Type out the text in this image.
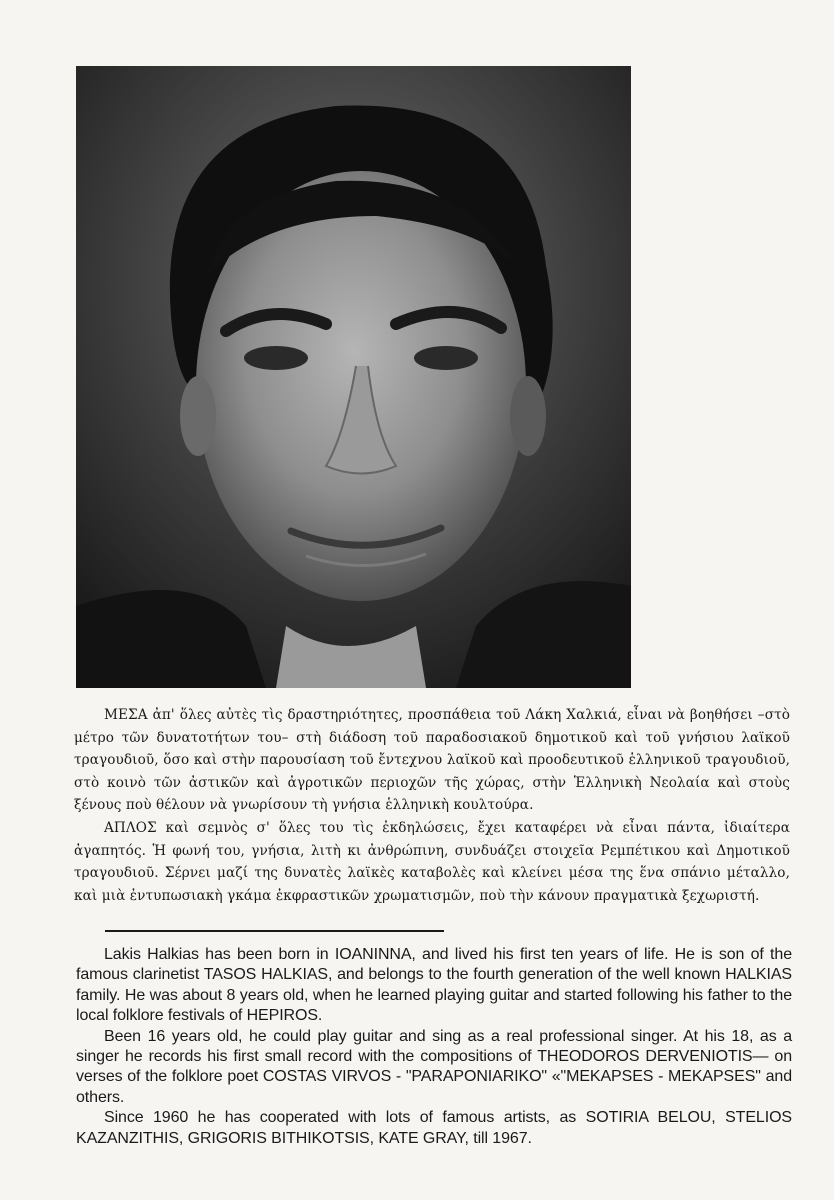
ΜΕΣΑ ἀπ' ὅλες αὐτὲς τὶς δραστηριότητες, προσπάθεια τοῦ Λάκη Χαλκιά, εἶναι νὰ βοηθήσει –στὸ μέτρο τῶν δυνατοτήτων του– στὴ διάδοση τοῦ παραδοσιακοῦ δημοτικοῦ καὶ τοῦ γνήσιου λαϊκοῦ τραγουδιοῦ, ὅσο καὶ στὴν παρουσίαση τοῦ ἔντεχνου λαϊκοῦ καὶ προοδευτικοῦ ἑλληνικοῦ τραγουδιοῦ, στὸ κοινὸ τῶν ἀστικῶν καὶ ἀγροτικῶν περιοχῶν τῆς χώρας, στὴν Ἑλληνικὴ Νεολαία καὶ στοὺς ξένους ποὺ θέλουν νὰ γνωρίσουν τὴ γνήσια ἑλληνικὴ κουλτούρα.

ΑΠΛΟΣ καὶ σεμνὸς σ' ὅλες του τὶς ἐκδηλώσεις, ἔχει καταφέρει νὰ εἶναι πάντα, ἰδιαίτερα ἀγαπητός. Ἡ φωνή του, γνήσια, λιτὴ κι ἀνθρώπινη, συνδυάζει στοιχεῖα Ρεμπέτικου καὶ Δημοτικοῦ τραγουδιοῦ. Σέρνει μαζί της δυνατὲς λαϊκὲς καταβολὲς καὶ κλείνει μέσα της ἕνα σπάνιο μέταλλο, καὶ μιὰ ἐντυπωσιακὴ γκάμα ἐκφραστικῶν χρωματισμῶν, ποὺ τὴν κάνουν πραγματικὰ ξεχωριστή.

Lakis Halkias has been born in IOANINNA, and lived his first ten years of life. He is son of the famous clarinetist TASOS HALKIAS, and belongs to the fourth generation of the well known HALKIAS family. He was about 8 years old, when he learned playing guitar and started following his father to the local folklore festivals of HEPIROS.

Been 16 years old, he could play guitar and sing as a real professional singer. At his 18, as a singer he records his first small record with the compositions of THEODOROS DERVENIOTIS— on verses of the folklore poet COSTAS VIRVOS - "PARAPONIARIKO" «"MEKAPSES - MEKAPSES" and others.

Since 1960 he has cooperated with lots of famous artists, as SOTIRIA BELOU, STELIOS KAZANZITHIS, GRIGORIS BITHIKOTSIS, KATE GRAY, till 1967.
